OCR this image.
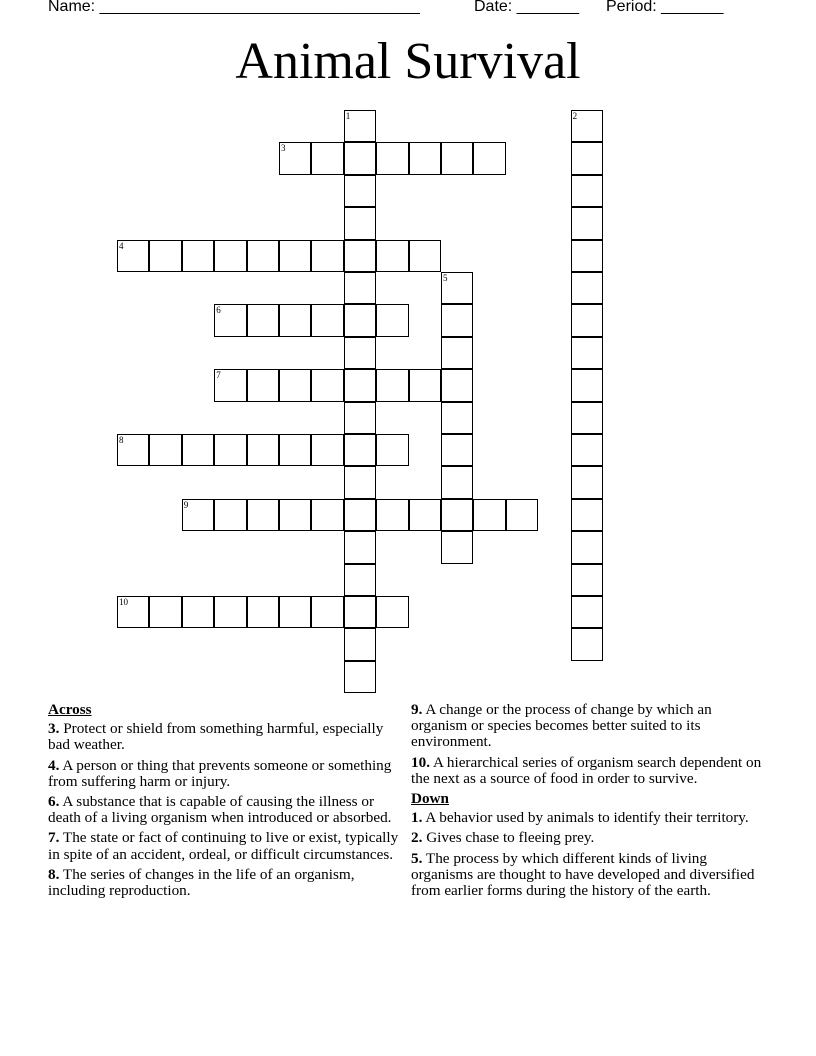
Name: ____________________________________	Date: _______ Period: _______
Animal Survival
1	2
3
4
5
6
7
8
9
10
Across
3. Protect or shield from something harmful, especially bad weather.
4. A person or thing that prevents someone or something from suffering harm or injury.
6. A substance that is capable of causing the illness or death of a living organism when introduced or absorbed.
7. The state or fact of continuing to live or exist, typically in spite of an accident, ordeal, or difficult circumstances.
8. The series of changes in the life of an organism, including reproduction.
9. A change or the process of change by which an organism or species becomes better suited to its environment.
10. A hierarchical series of organism search dependent on the next as a source of food in order to survive.
Down
1. A behavior used by animals to identify their territory.
2. Gives chase to fleeing prey.
5. The process by which different kinds of living organisms are thought to have developed and diversified from earlier forms during the history of the earth.
